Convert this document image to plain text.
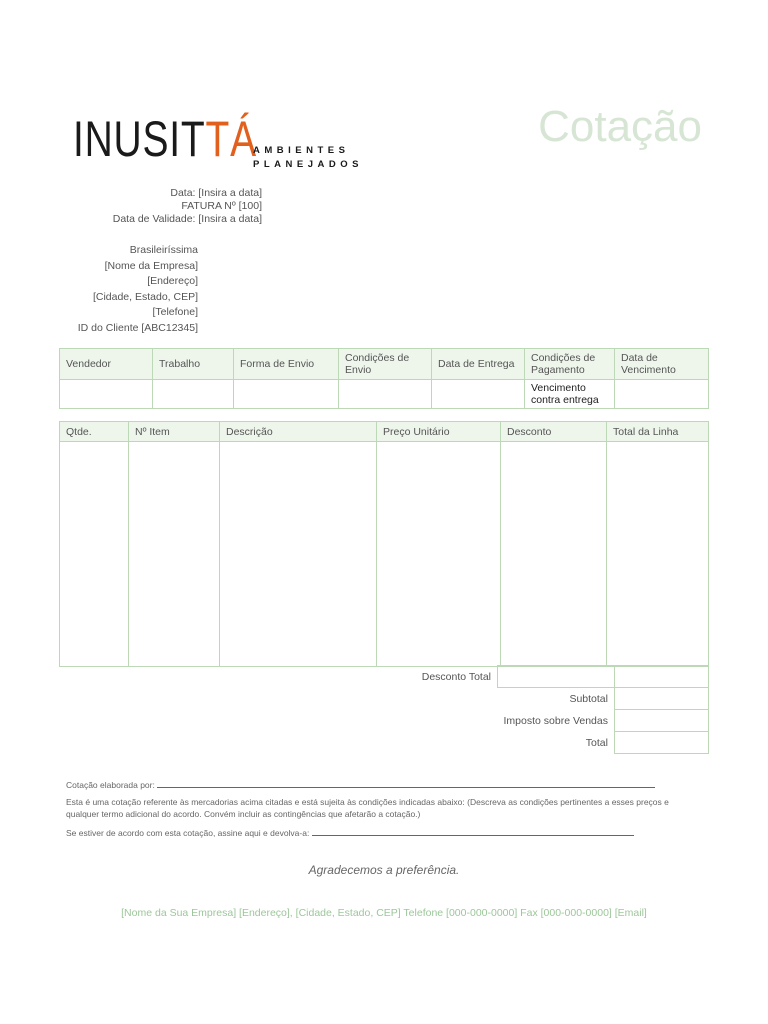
INUSITTÁ
AMBIENTES
PLANEJADOS
Cotação
Data: [Insira a data]
FATURA Nº [100]
Data de Validade: [Insira a data]
Brasileiríssima
[Nome da Empresa]
[Endereço]
[Cidade, Estado, CEP]
[Telefone]
ID do Cliente [ABC12345]
Vendedor	Trabalho	Forma de Envio	Condições de Envio	Data de Entrega	Condições de Pagamento	Data de Vencimento
					Vencimento contra entrega	
Qtde.	Nº Item	Descrição	Preço Unitário	Desconto	Total da Linha

Desconto Total		
	Subtotal	
	Imposto sobre Vendas	
	Total	
Cotação elaborada por:
Esta é uma cotação referente às mercadorias acima citadas e está sujeita às condições indicadas abaixo: (Descreva as condições pertinentes a esses preços e qualquer termo adicional do acordo. Convém incluir as contingências que afetarão a cotação.)
Se estiver de acordo com esta cotação, assine aqui e devolva-a:
Agradecemos a preferência.
[Nome da Sua Empresa] [Endereço], [Cidade, Estado, CEP] Telefone [000-000-0000] Fax [000-000-0000] [Email]
